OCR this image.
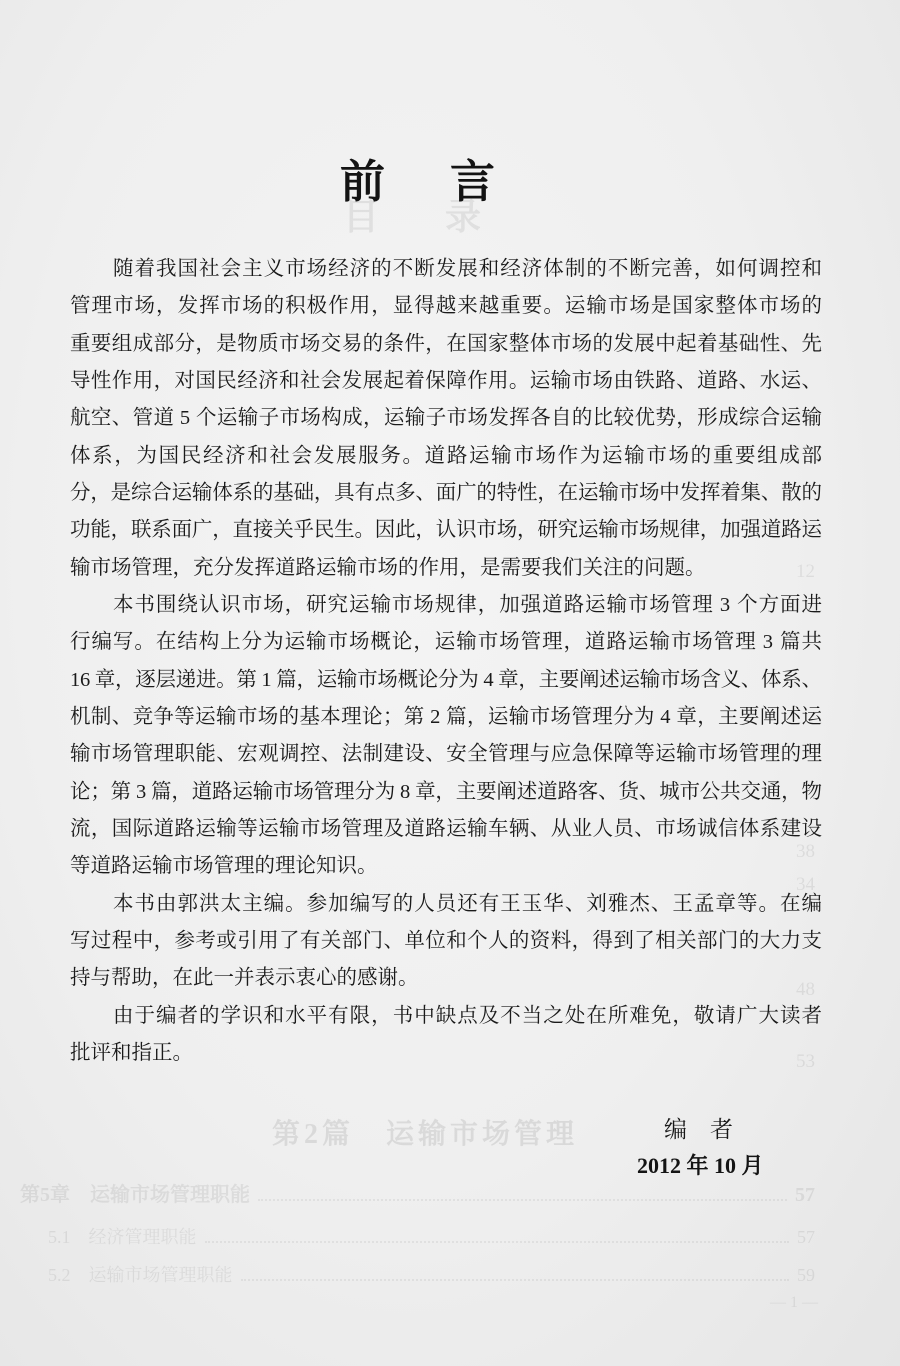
目　录
12
38
34
48
53
第2篇　运输市场管理
第5章　运输市场管理职能	57
5.1　经济管理职能	57
5.2　运输市场管理职能	59
— 1 —
前　言
随着我国社会主义市场经济的不断发展和经济体制的不断完善，如何调控和
管理市场，发挥市场的积极作用，显得越来越重要。运输市场是国家整体市场的
重要组成部分，是物质市场交易的条件，在国家整体市场的发展中起着基础性、先
导性作用，对国民经济和社会发展起着保障作用。运输市场由铁路、道路、水运、
航空、管道 5 个运输子市场构成，运输子市场发挥各自的比较优势，形成综合运输
体系，为国民经济和社会发展服务。道路运输市场作为运输市场的重要组成部
分，是综合运输体系的基础，具有点多、面广的特性，在运输市场中发挥着集、散的
功能，联系面广，直接关乎民生。因此，认识市场，研究运输市场规律，加强道路运
输市场管理，充分发挥道路运输市场的作用，是需要我们关注的问题。
本书围绕认识市场，研究运输市场规律，加强道路运输市场管理 3 个方面进
行编写。在结构上分为运输市场概论，运输市场管理，道路运输市场管理 3 篇共
16 章，逐层递进。第 1 篇，运输市场概论分为 4 章，主要阐述运输市场含义、体系、
机制、竞争等运输市场的基本理论；第 2 篇，运输市场管理分为 4 章，主要阐述运
输市场管理职能、宏观调控、法制建设、安全管理与应急保障等运输市场管理的理
论；第 3 篇，道路运输市场管理分为 8 章，主要阐述道路客、货、城市公共交通，物
流，国际道路运输等运输市场管理及道路运输车辆、从业人员、市场诚信体系建设
等道路运输市场管理的理论知识。
本书由郭洪太主编。参加编写的人员还有王玉华、刘雅杰、王孟章等。在编
写过程中，参考或引用了有关部门、单位和个人的资料，得到了相关部门的大力支
持与帮助，在此一并表示衷心的感谢。
由于编者的学识和水平有限，书中缺点及不当之处在所难免，敬请广大读者
批评和指正。
编　者
2012 年 10 月
